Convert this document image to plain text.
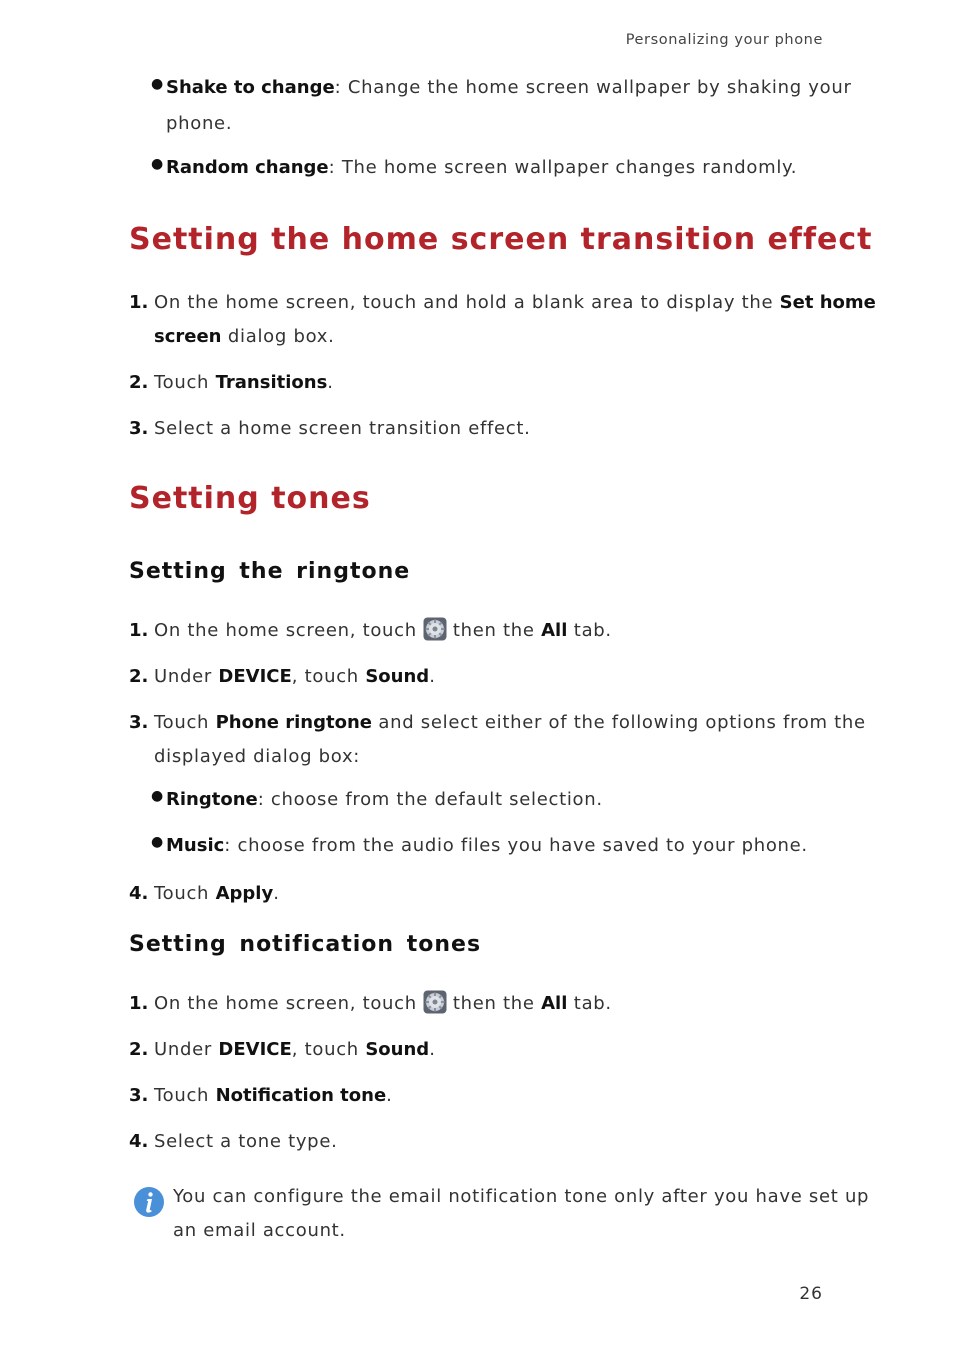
Personalizing your phone
● Shake to change: Change the home screen wallpaper by shaking your
phone.
● Random change: The home screen wallpaper changes randomly.
Setting the home screen transition effect
1. On the home screen, touch and hold a blank area to display the Set home
screen dialog box.
2. Touch Transitions.
3. Select a home screen transition effect.
Setting tones
Setting the ringtone
1. On the home screen, touch then the All tab.
2. Under DEVICE, touch Sound.
3. Touch Phone ringtone and select either of the following options from the
displayed dialog box:
● Ringtone: choose from the default selection.
● Music: choose from the audio files you have saved to your phone.
4. Touch Apply.
Setting notification tones
1. On the home screen, touch then the All tab.
2. Under DEVICE, touch Sound.
3. Touch Notification tone.
4. Select a tone type.
You can configure the email notification tone only after you have set up
an email account.
26
